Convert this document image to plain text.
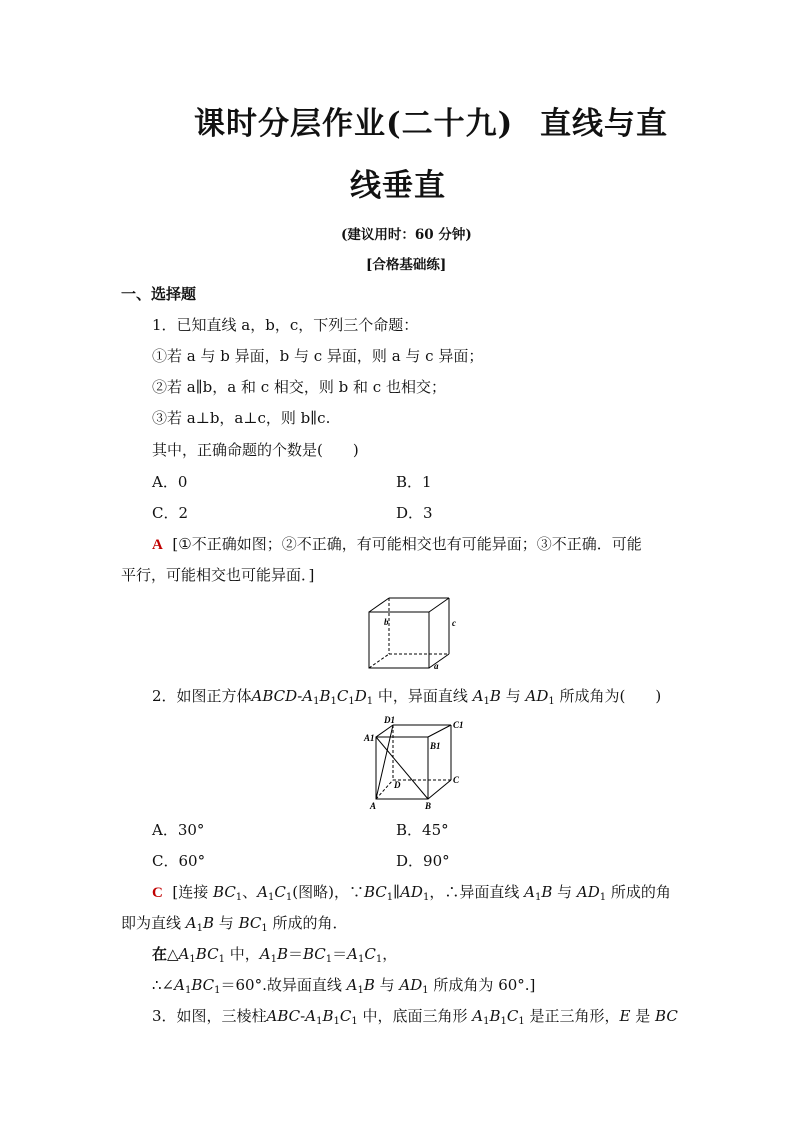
课时分层作业(二十九) 直线与直
线垂直
(建议用时：60 分钟)
[合格基础练]
一、选择题
1．已知直线 a，b，c，下列三个命题：
①若 a 与 b 异面，b 与 c 异面，则 a 与 c 异面；
②若 a∥b，a 和 c 相交，则 b 和 c 也相交；
③若 a⊥b，a⊥c，则 b∥c.
其中，正确命题的个数是(　　)
A．0	B．1
C．2	D．3
A [①不正确如图；②不正确，有可能相交也有可能异面；③不正确．可能
平行，可能相交也可能异面．]
b	c
a
2．如图正方体ABCD-$A_1B_1C_1D_1$ 中，异面直线 $A_1B$ 与 $AD_1$ 所成角为(　　)
D1	C1
A1
B1
D	C
A	B
A．30°	B．45°
C．60°	D．90°
C  [连接 $BC_1$、$A_1C_1$(图略)，$\because BC_1\parallel AD_1$，∴异面直线 $A_1B$ 与 $AD_1$ 所成的角
即为直线 $A_1B$ 与 $BC_1$ 所成的角．
在$\triangle A_1BC_1$ 中，$A_1B=BC_1=A_1C_1$，
$\therefore\angle A_1BC_1=60^\circ$.故异面直线 $A_1B$ 与 $AD_1$ 所成角为 60°.]
3．如图，三棱柱ABC-$A_1B_1C_1$ 中，底面三角形 $A_1B_1C_1$ 是正三角形，E 是 BC
